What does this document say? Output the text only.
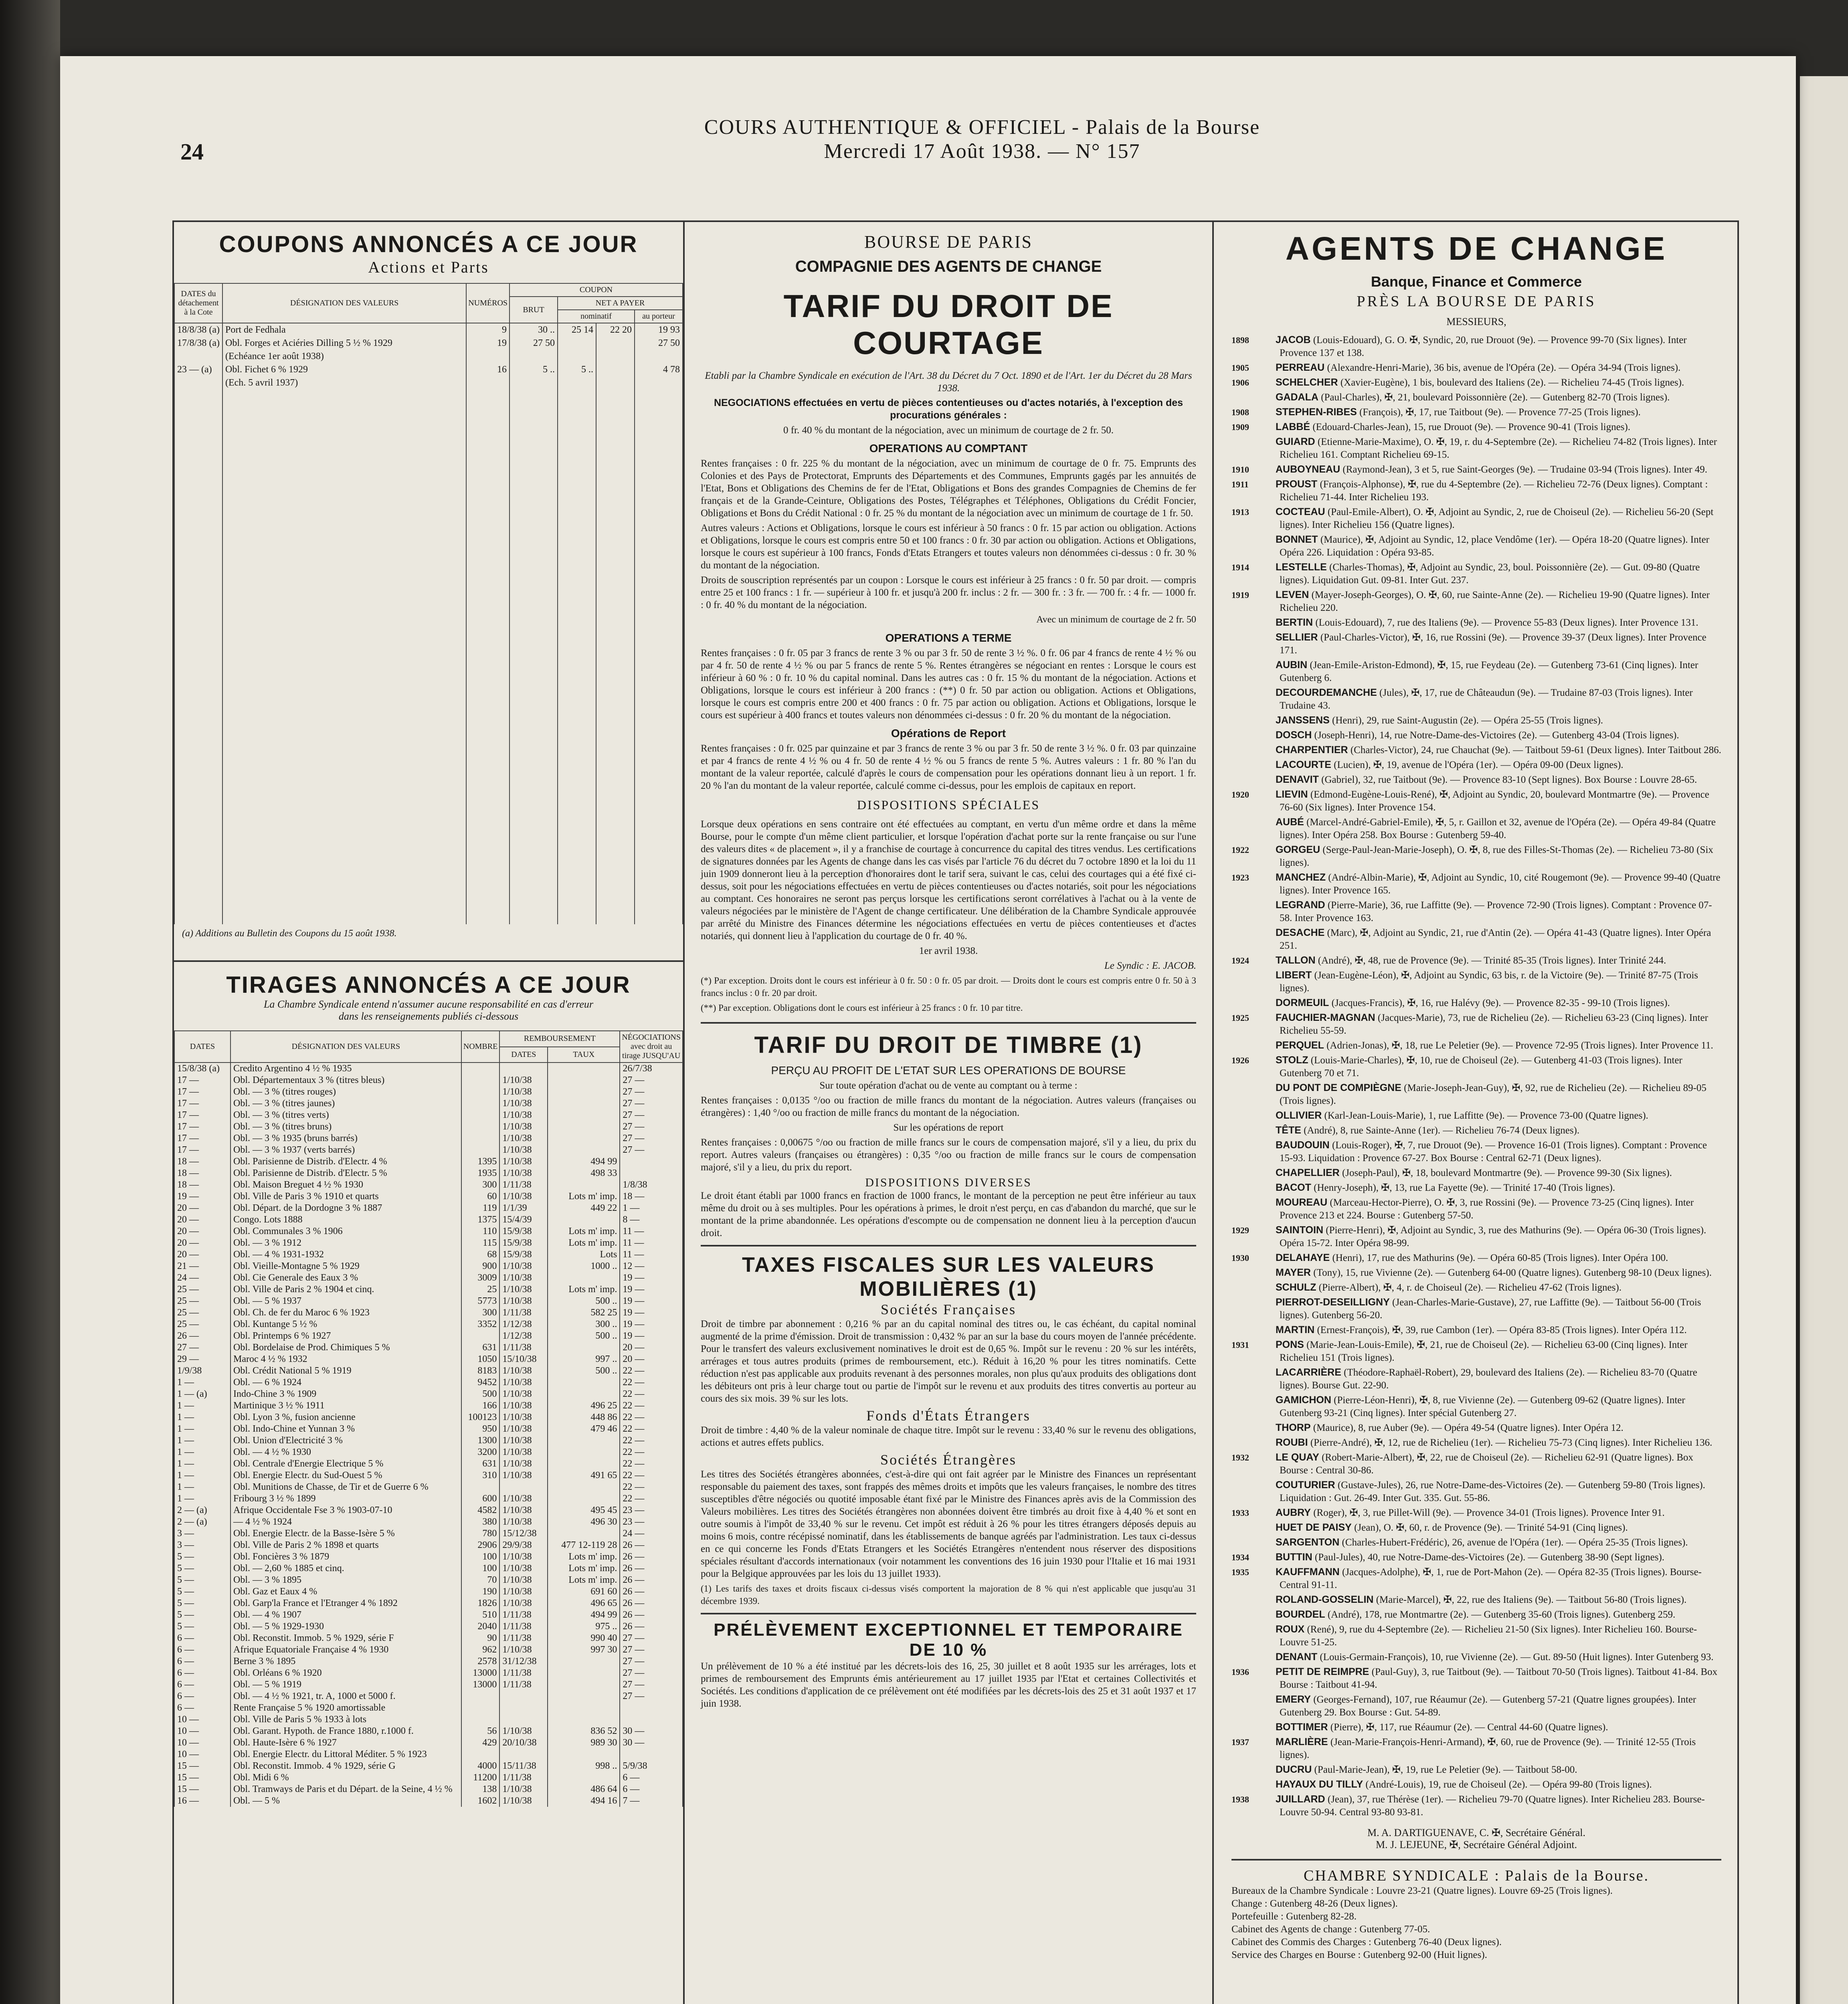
24
COURS AUTHENTIQUE & OFFICIEL - Palais de la Bourse
Mercredi 17 Août 1938. — N° 157
COUPONS ANNONCÉS A CE JOUR
Actions et Parts
DATES du détachement à la Cote	DÉSIGNATION DES VALEURS	NUMÉROS	COUPON			
			BRUT	NET A PAYER		
				nominatif		au porteur
18/8/38 (a)	Port de Fedhala	9	30 ..	25 14	22 20	19 93
17/8/38 (a)	Obl. Forges et Aciéries Dilling 5 ½ % 1929	19	27 50			27 50
	(Echéance 1er août 1938)					
23 — (a)	Obl. Fichet 6 % 1929	16	5 ..	5 ..		4 78
	(Ech. 5 avril 1937)					

(a) Additions au Bulletin des Coupons du 15 août 1938.
TIRAGES ANNONCÉS A CE JOUR
La Chambre Syndicale entend n'assumer aucune responsabilité en cas d'erreur
dans les renseignements publiés ci-dessous
DATES	DÉSIGNATION DES VALEURS	NOMBRE	REMBOURSEMENT		NÉGOCIATIONS avec droit au tirage JUSQU'AU
			DATES	TAUX	
15/8/38 (a)	Credito Argentino 4 ½ % 1935				26/7/38
17 —	Obl. Départementaux 3 % (titres bleus)		1/10/38		27 —
17 —	Obl. — 3 % (titres rouges)		1/10/38		27 —
17 —	Obl. — 3 % (titres jaunes)		1/10/38		27 —
17 —	Obl. — 3 % (titres verts)		1/10/38		27 —
17 —	Obl. — 3 % (titres bruns)		1/10/38		27 —
17 —	Obl. — 3 % 1935 (bruns barrés)		1/10/38		27 —
17 —	Obl. — 3 % 1937 (verts barrés)		1/10/38		27 —
18 —	Obl. Parisienne de Distrib. d'Electr. 4 %	1395	1/10/38	494 99	
18 —	Obl. Parisienne de Distrib. d'Electr. 5 %	1935	1/10/38	498 33	
18 —	Obl. Maison Breguet 4 ½ % 1930	300	1/11/38		1/8/38
19 —	Obl. Ville de Paris 3 % 1910 et quarts	60	1/10/38	Lots m' imp.	18 —
20 —	Obl. Départ. de la Dordogne 3 % 1887	119	1/1/39	449 22	1 —
20 —	Congo. Lots 1888	1375	15/4/39		8 —
20 —	Obl. Communales 3 % 1906	110	15/9/38	Lots m' imp.	11 —
20 —	Obl. — 3 % 1912	115	15/9/38	Lots m' imp.	11 —
20 —	Obl. — 4 % 1931-1932	68	15/9/38	Lots	11 —
21 —	Obl. Vieille-Montagne 5 % 1929	900	1/10/38	1000 ..	12 —
24 —	Obl. Cie Generale des Eaux 3 %	3009	1/10/38		19 —
25 —	Obl. Ville de Paris 2 % 1904 et cinq.	25	1/10/38	Lots m' imp.	19 —
25 —	Obl. — 5 % 1937	5773	1/10/38	500 ..	19 —
25 —	Obl. Ch. de fer du Maroc 6 % 1923	300	1/11/38	582 25	19 —
25 —	Obl. Kuntange 5 ½ %	3352	1/12/38	300 ..	19 —
26 —	Obl. Printemps 6 % 1927		1/12/38	500 ..	19 —
27 —	Obl. Bordelaise de Prod. Chimiques 5 %	631	1/11/38		20 —
29 —	Maroc 4 ½ % 1932	1050	15/10/38	997 ..	20 —
1/9/38	Obl. Crédit National 5 % 1919	8183	1/10/38	500 ..	22 —
1 —	Obl. — 6 % 1924	9452	1/10/38		22 —
1 — (a)	Indo-Chine 3 % 1909	500	1/10/38		22 —
1 —	Martinique 3 ½ % 1911	166	1/10/38	496 25	22 —
1 —	Obl. Lyon 3 %, fusion ancienne	100123	1/10/38	448 86	22 —
1 —	Obl. Indo-Chine et Yunnan 3 %	950	1/10/38	479 46	22 —
1 —	Obl. Union d'Electricité 3 %	1300	1/10/38		22 —
1 —	Obl. — 4 ½ % 1930	3200	1/10/38		22 —
1 —	Obl. Centrale d'Energie Electrique 5 %	631	1/10/38		22 —
1 —	Obl. Energie Electr. du Sud-Ouest 5 %	310	1/10/38	491 65	22 —
1 —	Obl. Munitions de Chasse, de Tir et de Guerre 6 %				22 —
1 —	Fribourg 3 ½ % 1899	600	1/10/38		22 —
2 — (a)	Afrique Occidentale Fse 3 % 1903-07-10	4582	1/10/38	495 45	23 —
2 — (a)	— 4 ½ % 1924	380	1/10/38	496 30	23 —
3 —	Obl. Energie Electr. de la Basse-Isère 5 %	780	15/12/38		24 —
3 —	Obl. Ville de Paris 2 % 1898 et quarts	2906	29/9/38	477 12-119 28	26 —
5 —	Obl. Foncières 3 % 1879	100	1/10/38	Lots m' imp.	26 —
5 —	Obl. — 2,60 % 1885 et cinq.	100	1/10/38	Lots m' imp.	26 —
5 —	Obl. — 3 % 1895	70	1/10/38	Lots m' imp.	26 —
5 —	Obl. Gaz et Eaux 4 %	190	1/10/38	691 60	26 —
5 —	Obl. Garp'la France et l'Etranger 4 % 1892	1826	1/10/38	496 65	26 —
5 —	Obl. — 4 % 1907	510	1/11/38	494 99	26 —
5 —	Obl. — 5 % 1929-1930	2040	1/11/38	975 ..	26 —
6 —	Obl. Reconstit. Immob. 5 % 1929, série F	90	1/11/38	990 40	27 —
6 —	Afrique Equatoriale Française 4 % 1930	962	1/10/38	997 30	27 —
6 —	Berne 3 % 1895	2578	31/12/38		27 —
6 —	Obl. Orléans 6 % 1920	13000	1/11/38		27 —
6 —	Obl. — 5 % 1919	13000	1/11/38		27 —
6 —	Obl. — 4 ½ % 1921, tr. A, 1000 et 5000 f.				27 —
6 —	Rente Française 5 % 1920 amortissable				
10 —	Obl. Ville de Paris 5 % 1933 à lots				
10 —	Obl. Garant. Hypoth. de France 1880, r.1000 f.	56	1/10/38	836 52	30 —
10 —	Obl. Haute-Isère 6 % 1927	429	20/10/38	989 30	30 —
10 —	Obl. Energie Electr. du Littoral Méditer. 5 % 1923				
15 —	Obl. Reconstit. Immob. 4 % 1929, série G	4000	15/11/38	998 ..	5/9/38
15 —	Obl. Midi 6 %	11200	1/11/38		6 —
15 —	Obl. Tramways de Paris et du Départ. de la Seine, 4 ½ %	138	1/10/38	486 64	6 —
16 —	Obl. — 5 %	1602	1/10/38	494 16	7 —
BOURSE DE PARIS
COMPAGNIE DES AGENTS DE CHANGE
TARIF DU DROIT DE COURTAGE

Etabli par la Chambre Syndicale en exécution de l'Art. 38 du Décret du 7 Oct. 1890 et de l'Art. 1er du Décret du 28 Mars 1938.

NEGOCIATIONS effectuées en vertu de pièces contentieuses ou d'actes notariés, à l'exception des procurations générales :

0 fr. 40 % du montant de la négociation, avec un minimum de courtage de 2 fr. 50.

OPERATIONS AU COMPTANT

Rentes françaises : 0 fr. 225 % du montant de la négociation, avec un minimum de courtage de 0 fr. 75. Emprunts des Colonies et des Pays de Protectorat, Emprunts des Départements et des Communes, Emprunts gagés par les annuités de l'Etat, Bons et Obligations des Chemins de fer de l'Etat, Obligations et Bons des grandes Compagnies de Chemins de fer français et de la Grande-Ceinture, Obligations des Postes, Télégraphes et Téléphones, Obligations du Crédit Foncier, Obligations et Bons du Crédit National : 0 fr. 25 % du montant de la négociation avec un minimum de courtage de 1 fr. 50.

Autres valeurs : Actions et Obligations, lorsque le cours est inférieur à 50 francs : 0 fr. 15 par action ou obligation. Actions et Obligations, lorsque le cours est compris entre 50 et 100 francs : 0 fr. 30 par action ou obligation. Actions et Obligations, lorsque le cours est supérieur à 100 francs, Fonds d'Etats Etrangers et toutes valeurs non dénommées ci-dessus : 0 fr. 30 % du montant de la négociation.

Droits de souscription représentés par un coupon : Lorsque le cours est inférieur à 25 francs : 0 fr. 50 par droit. — compris entre 25 et 100 francs : 1 fr. — supérieur à 100 fr. et jusqu'à 200 fr. inclus : 2 fr. — 300 fr. : 3 fr. — 700 fr. : 4 fr. — 1000 fr. : 0 fr. 40 % du montant de la négociation.

Avec un minimum de courtage de 2 fr. 50

OPERATIONS A TERME

Rentes françaises : 0 fr. 05 par 3 francs de rente 3 % ou par 3 fr. 50 de rente 3 ½ %. 0 fr. 06 par 4 francs de rente 4 ½ % ou par 4 fr. 50 de rente 4 ½ % ou par 5 francs de rente 5 %. Rentes étrangères se négociant en rentes : Lorsque le cours est inférieur à 60 % : 0 fr. 10 % du capital nominal. Dans les autres cas : 0 fr. 15 % du montant de la négociation. Actions et Obligations, lorsque le cours est inférieur à 200 francs : (**) 0 fr. 50 par action ou obligation. Actions et Obligations, lorsque le cours est compris entre 200 et 400 francs : 0 fr. 75 par action ou obligation. Actions et Obligations, lorsque le cours est supérieur à 400 francs et toutes valeurs non dénommées ci-dessus : 0 fr. 20 % du montant de la négociation.

Opérations de Report

Rentes françaises : 0 fr. 025 par quinzaine et par 3 francs de rente 3 % ou par 3 fr. 50 de rente 3 ½ %. 0 fr. 03 par quinzaine et par 4 francs de rente 4 ½ % ou 4 fr. 50 de rente 4 ½ % ou 5 francs de rente 5 %. Autres valeurs : 1 fr. 80 % l'an du montant de la valeur reportée, calculé d'après le cours de compensation pour les opérations donnant lieu à un report. 1 fr. 20 % l'an du montant de la valeur reportée, calculé comme ci-dessus, pour les emplois de capitaux en report.

DISPOSITIONS SPÉCIALES

Lorsque deux opérations en sens contraire ont été effectuées au comptant, en vertu d'un même ordre et dans la même Bourse, pour le compte d'un même client particulier, et lorsque l'opération d'achat porte sur la rente française ou sur l'une des valeurs dites « de placement », il y a franchise de courtage à concurrence du capital des titres vendus. Les certifications de signatures données par les Agents de change dans les cas visés par l'article 76 du décret du 7 octobre 1890 et la loi du 11 juin 1909 donneront lieu à la perception d'honoraires dont le tarif sera, suivant le cas, celui des courtages qui a été fixé ci-dessus, soit pour les négociations effectuées en vertu de pièces contentieuses ou d'actes notariés, soit pour les négociations au comptant. Ces honoraires ne seront pas perçus lorsque les certifications seront corrélatives à l'achat ou à la vente de valeurs négociées par le ministère de l'Agent de change certificateur. Une délibération de la Chambre Syndicale approuvée par arrêté du Ministre des Finances détermine les négociations effectuées en vertu de pièces contentieuses et d'actes notariés, qui donnent lieu à l'application du courtage de 0 fr. 40 %.

1er avril 1938.

Le Syndic : E. JACOB.

(*) Par exception. Droits dont le cours est inférieur à 0 fr. 50 : 0 fr. 05 par droit. — Droits dont le cours est compris entre 0 fr. 50 à 3 francs inclus : 0 fr. 20 par droit.

(**) Par exception. Obligations dont le cours est inférieur à 25 francs : 0 fr. 10 par titre.

TARIF DU DROIT DE TIMBRE (1)
PERÇU AU PROFIT DE L'ETAT SUR LES OPERATIONS DE BOURSE

Sur toute opération d'achat ou de vente au comptant ou à terme :

Rentes françaises : 0,0135 °/oo ou fraction de mille francs du montant de la négociation. Autres valeurs (françaises ou étrangères) : 1,40 °/oo ou fraction de mille francs du montant de la négociation.

Sur les opérations de report

Rentes françaises : 0,00675 °/oo ou fraction de mille francs sur le cours de compensation majoré, s'il y a lieu, du prix du report. Autres valeurs (françaises ou étrangères) : 0,35 °/oo ou fraction de mille francs sur le cours de compensation majoré, s'il y a lieu, du prix du report.

DISPOSITIONS DIVERSES

Le droit étant établi par 1000 francs en fraction de 1000 francs, le montant de la perception ne peut être inférieur au taux même du droit ou à ses multiples. Pour les opérations à primes, le droit n'est perçu, en cas d'abandon du marché, que sur le montant de la prime abandonnée. Les opérations d'escompte ou de compensation ne donnent lieu à la perception d'aucun droit.

TAXES FISCALES SUR LES VALEURS MOBILIÈRES (1)
Sociétés Françaises

Droit de timbre par abonnement : 0,216 % par an du capital nominal des titres ou, le cas échéant, du capital nominal augmenté de la prime d'émission. Droit de transmission : 0,432 % par an sur la base du cours moyen de l'année précédente. Pour le transfert des valeurs exclusivement nominatives le droit est de 0,65 %. Impôt sur le revenu : 20 % sur les intérêts, arrérages et tous autres produits (primes de remboursement, etc.). Réduit à 16,20 % pour les titres nominatifs. Cette réduction n'est pas applicable aux produits revenant à des personnes morales, non plus qu'aux produits des obligations dont les débiteurs ont pris à leur charge tout ou partie de l'impôt sur le revenu et aux produits des titres convertis au porteur au cours des six mois. 39 % sur les lots.

Fonds d'États Étrangers

Droit de timbre : 4,40 % de la valeur nominale de chaque titre. Impôt sur le revenu : 33,40 % sur le revenu des obligations, actions et autres effets publics.

Sociétés Étrangères

Les titres des Sociétés étrangères abonnées, c'est-à-dire qui ont fait agréer par le Ministre des Finances un représentant responsable du paiement des taxes, sont frappés des mêmes droits et impôts que les valeurs françaises, le nombre des titres susceptibles d'être négociés ou quotité imposable étant fixé par le Ministre des Finances après avis de la Commission des Valeurs mobilières. Les titres des Sociétés étrangères non abonnées doivent être timbrés au droit fixe à 4,40 % et sont en outre soumis à l'impôt de 33,40 % sur le revenu. Cet impôt est réduit à 26 % pour les titres étrangers déposés depuis au moins 6 mois, contre récépissé nominatif, dans les établissements de banque agréés par l'administration. Les taux ci-dessus en ce qui concerne les Fonds d'Etats Etrangers et les Sociétés Etrangères n'entendent nous réserver des dispositions spéciales résultant d'accords internationaux (voir notamment les conventions des 16 juin 1930 pour l'Italie et 16 mai 1931 pour la Belgique approuvées par les lois du 13 juillet 1933).

(1) Les tarifs des taxes et droits fiscaux ci-dessus visés comportent la majoration de 8 % qui n'est applicable que jusqu'au 31 décembre 1939.

PRÉLÈVEMENT EXCEPTIONNEL ET TEMPORAIRE DE 10 %

Un prélèvement de 10 % a été institué par les décrets-lois des 16, 25, 30 juillet et 8 août 1935 sur les arrérages, lots et primes de remboursement des Emprunts émis antérieurement au 17 juillet 1935 par l'Etat et certaines Collectivités et Sociétés. Les conditions d'application de ce prélèvement ont été modifiées par les décrets-lois des 25 et 31 août 1937 et 17 juin 1938.

AGENTS DE CHANGE
Banque, Finance et Commerce
PRÈS LA BOURSE DE PARIS
MESSIEURS,

1898	JACOB (Louis-Edouard), G. O. ✠, Syndic, 20, rue Drouot (9e). — Provence 99-70 (Six lignes). Inter Provence 137 et 138.

1905	PERREAU (Alexandre-Henri-Marie), 36 bis, avenue de l'Opéra (2e). — Opéra 34-94 (Trois lignes).

1906	SCHELCHER (Xavier-Eugène), 1 bis, boulevard des Italiens (2e). — Richelieu 74-45 (Trois lignes).

GADALA (Paul-Charles), ✠, 21, boulevard Poissonnière (2e). — Gutenberg 82-70 (Trois lignes).

1908	STEPHEN-RIBES (François), ✠, 17, rue Taitbout (9e). — Provence 77-25 (Trois lignes).

1909	LABBÉ (Edouard-Charles-Jean), 15, rue Drouot (9e). — Provence 90-41 (Trois lignes).

GUIARD (Etienne-Marie-Maxime), O. ✠, 19, r. du 4-Septembre (2e). — Richelieu 74-82 (Trois lignes). Inter Richelieu 161. Comptant Richelieu 69-15.

1910	AUBOYNEAU (Raymond-Jean), 3 et 5, rue Saint-Georges (9e). — Trudaine 03-94 (Trois lignes). Inter 49.

1911	PROUST (François-Alphonse), ✠, rue du 4-Septembre (2e). — Richelieu 72-76 (Deux lignes). Comptant : Richelieu 71-44. Inter Richelieu 193.

1913	COCTEAU (Paul-Emile-Albert), O. ✠, Adjoint au Syndic, 2, rue de Choiseul (2e). — Richelieu 56-20 (Sept lignes). Inter Richelieu 156 (Quatre lignes).

BONNET (Maurice), ✠, Adjoint au Syndic, 12, place Vendôme (1er). — Opéra 18-20 (Quatre lignes). Inter Opéra 226. Liquidation : Opéra 93-85.

1914	LESTELLE (Charles-Thomas), ✠, Adjoint au Syndic, 23, boul. Poissonnière (2e). — Gut. 09-80 (Quatre lignes). Liquidation Gut. 09-81. Inter Gut. 237.

1919	LEVEN (Mayer-Joseph-Georges), O. ✠, 60, rue Sainte-Anne (2e). — Richelieu 19-90 (Quatre lignes). Inter Richelieu 220.

BERTIN (Louis-Edouard), 7, rue des Italiens (9e). — Provence 55-83 (Deux lignes). Inter Provence 131.

SELLIER (Paul-Charles-Victor), ✠, 16, rue Rossini (9e). — Provence 39-37 (Deux lignes). Inter Provence 171.

AUBIN (Jean-Emile-Ariston-Edmond), ✠, 15, rue Feydeau (2e). — Gutenberg 73-61 (Cinq lignes). Inter Gutenberg 6.

DECOURDEMANCHE (Jules), ✠, 17, rue de Châteaudun (9e). — Trudaine 87-03 (Trois lignes). Inter Trudaine 43.

JANSSENS (Henri), 29, rue Saint-Augustin (2e). — Opéra 25-55 (Trois lignes).

DOSCH (Joseph-Henri), 14, rue Notre-Dame-des-Victoires (2e). — Gutenberg 43-04 (Trois lignes).

CHARPENTIER (Charles-Victor), 24, rue Chauchat (9e). — Taitbout 59-61 (Deux lignes). Inter Taitbout 286.

LACOURTE (Lucien), ✠, 19, avenue de l'Opéra (1er). — Opéra 09-00 (Deux lignes).

DENAVIT (Gabriel), 32, rue Taitbout (9e). — Provence 83-10 (Sept lignes). Box Bourse : Louvre 28-65.

1920	LIEVIN (Edmond-Eugène-Louis-René), ✠, Adjoint au Syndic, 20, boulevard Montmartre (9e). — Provence 76-60 (Six lignes). Inter Provence 154.

AUBÉ (Marcel-André-Gabriel-Emile), ✠, 5, r. Gaillon et 32, avenue de l'Opéra (2e). — Opéra 49-84 (Quatre lignes). Inter Opéra 258. Box Bourse : Gutenberg 59-40.

1922	GORGEU (Serge-Paul-Jean-Marie-Joseph), O. ✠, 8, rue des Filles-St-Thomas (2e). — Richelieu 73-80 (Six lignes).

1923	MANCHEZ (André-Albin-Marie), ✠, Adjoint au Syndic, 10, cité Rougemont (9e). — Provence 99-40 (Quatre lignes). Inter Provence 165.

LEGRAND (Pierre-Marie), 36, rue Laffitte (9e). — Provence 72-90 (Trois lignes). Comptant : Provence 07-58. Inter Provence 163.

DESACHE (Marc), ✠, Adjoint au Syndic, 21, rue d'Antin (2e). — Opéra 41-43 (Quatre lignes). Inter Opéra 251.

1924	TALLON (André), ✠, 48, rue de Provence (9e). — Trinité 85-35 (Trois lignes). Inter Trinité 244.

LIBERT (Jean-Eugène-Léon), ✠, Adjoint au Syndic, 63 bis, r. de la Victoire (9e). — Trinité 87-75 (Trois lignes).

DORMEUIL (Jacques-Francis), ✠, 16, rue Halévy (9e). — Provence 82-35 - 99-10 (Trois lignes).

1925	FAUCHIER-MAGNAN (Jacques-Marie), 73, rue de Richelieu (2e). — Richelieu 63-23 (Cinq lignes). Inter Richelieu 55-59.

PERQUEL (Adrien-Jonas), ✠, 18, rue Le Peletier (9e). — Provence 72-95 (Trois lignes). Inter Provence 11.

1926	STOLZ (Louis-Marie-Charles), ✠, 10, rue de Choiseul (2e). — Gutenberg 41-03 (Trois lignes). Inter Gutenberg 70 et 71.

DU PONT DE COMPIÈGNE (Marie-Joseph-Jean-Guy), ✠, 92, rue de Richelieu (2e). — Richelieu 89-05 (Trois lignes).

OLLIVIER (Karl-Jean-Louis-Marie), 1, rue Laffitte (9e). — Provence 73-00 (Quatre lignes).

TÊTE (André), 8, rue Sainte-Anne (1er). — Richelieu 76-74 (Deux lignes).

BAUDOUIN (Louis-Roger), ✠, 7, rue Drouot (9e). — Provence 16-01 (Trois lignes). Comptant : Provence 15-93. Liquidation : Provence 67-27. Box Bourse : Central 62-71 (Deux lignes).

CHAPELLIER (Joseph-Paul), ✠, 18, boulevard Montmartre (9e). — Provence 99-30 (Six lignes).

BACOT (Henry-Joseph), ✠, 13, rue La Fayette (9e). — Trinité 17-40 (Trois lignes).

MOUREAU (Marceau-Hector-Pierre), O. ✠, 3, rue Rossini (9e). — Provence 73-25 (Cinq lignes). Inter Provence 213 et 224. Bourse : Gutenberg 57-50.

1929	SAINTOIN (Pierre-Henri), ✠, Adjoint au Syndic, 3, rue des Mathurins (9e). — Opéra 06-30 (Trois lignes). Opéra 15-72. Inter Opéra 98-99.

1930	DELAHAYE (Henri), 17, rue des Mathurins (9e). — Opéra 60-85 (Trois lignes). Inter Opéra 100.

MAYER (Tony), 15, rue Vivienne (2e). — Gutenberg 64-00 (Quatre lignes). Gutenberg 98-10 (Deux lignes).

SCHULZ (Pierre-Albert), ✠, 4, r. de Choiseul (2e). — Richelieu 47-62 (Trois lignes).

PIERROT-DESEILLIGNY (Jean-Charles-Marie-Gustave), 27, rue Laffitte (9e). — Taitbout 56-00 (Trois lignes). Gutenberg 56-20.

MARTIN (Ernest-François), ✠, 39, rue Cambon (1er). — Opéra 83-85 (Trois lignes). Inter Opéra 112.

1931	PONS (Marie-Jean-Louis-Emile), ✠, 21, rue de Choiseul (2e). — Richelieu 63-00 (Cinq lignes). Inter Richelieu 151 (Trois lignes).

LACARRIÈRE (Théodore-Raphaël-Robert), 29, boulevard des Italiens (2e). — Richelieu 83-70 (Quatre lignes). Bourse Gut. 22-90.

GAMICHON (Pierre-Léon-Henri), ✠, 8, rue Vivienne (2e). — Gutenberg 09-62 (Quatre lignes). Inter Gutenberg 93-21 (Cinq lignes). Inter spécial Gutenberg 27.

THORP (Maurice), 8, rue Auber (9e). — Opéra 49-54 (Quatre lignes). Inter Opéra 12.

ROUBI (Pierre-André), ✠, 12, rue de Richelieu (1er). — Richelieu 75-73 (Cinq lignes). Inter Richelieu 136.

1932	LE QUAY (Robert-Marie-Albert), ✠, 22, rue de Choiseul (2e). — Richelieu 62-91 (Quatre lignes). Box Bourse : Central 30-86.

COUTURIER (Gustave-Jules), 26, rue Notre-Dame-des-Victoires (2e). — Gutenberg 59-80 (Trois lignes). Liquidation : Gut. 26-49. Inter Gut. 335. Gut. 55-86.

1933	AUBRY (Roger), ✠, 3, rue Pillet-Will (9e). — Provence 34-01 (Trois lignes). Provence Inter 91.

HUET DE PAISY (Jean), O. ✠, 60, r. de Provence (9e). — Trinité 54-91 (Cinq lignes).

SARGENTON (Charles-Hubert-Frédéric), 26, avenue de l'Opéra (1er). — Opéra 25-35 (Trois lignes).

1934	BUTTIN (Paul-Jules), 40, rue Notre-Dame-des-Victoires (2e). — Gutenberg 38-90 (Sept lignes).

1935	KAUFFMANN (Jacques-Adolphe), ✠, 1, rue de Port-Mahon (2e). — Opéra 82-35 (Trois lignes). Bourse-Central 91-11.

ROLAND-GOSSELIN (Marie-Marcel), ✠, 22, rue des Italiens (9e). — Taitbout 56-80 (Trois lignes).

BOURDEL (André), 178, rue Montmartre (2e). — Gutenberg 35-60 (Trois lignes). Gutenberg 259.

ROUX (René), 9, rue du 4-Septembre (2e). — Richelieu 21-50 (Six lignes). Inter Richelieu 160. Bourse-Louvre 51-25.

DENANT (Louis-Germain-François), 10, rue Vivienne (2e). — Gut. 89-50 (Huit lignes). Inter Gutenberg 93.

1936	PETIT DE REIMPRE (Paul-Guy), 3, rue Taitbout (9e). — Taitbout 70-50 (Trois lignes). Taitbout 41-84. Box Bourse : Taitbout 41-94.

EMERY (Georges-Fernand), 107, rue Réaumur (2e). — Gutenberg 57-21 (Quatre lignes groupées). Inter Gutenberg 29. Box Bourse : Gut. 54-89.

BOTTIMER (Pierre), ✠, 117, rue Réaumur (2e). — Central 44-60 (Quatre lignes).

1937	MARLIÈRE (Jean-Marie-François-Henri-Armand), ✠, 60, rue de Provence (9e). — Trinité 12-55 (Trois lignes).

DUCRU (Paul-Marie-Jean), ✠, 19, rue Le Peletier (9e). — Taitbout 58-00.

HAYAUX DU TILLY (André-Louis), 19, rue de Choiseul (2e). — Opéra 99-80 (Trois lignes).

1938	JUILLARD (Jean), 37, rue Thérèse (1er). — Richelieu 79-70 (Quatre lignes). Inter Richelieu 283. Bourse-Louvre 50-94. Central 93-80 93-81.

M. A. DARTIGUENAVE, C. ✠, Secrétaire Général.
M. J. LEJEUNE, ✠, Secrétaire Général Adjoint.
CHAMBRE SYNDICALE : Palais de la Bourse.
Bureaux de la Chambre Syndicale : Louvre 23-21 (Quatre lignes). Louvre 69-25 (Trois lignes).
Change : Gutenberg 48-26 (Deux lignes).
Portefeuille : Gutenberg 82-28.
Cabinet des Agents de change : Gutenberg 77-05.
Cabinet des Commis des Charges : Gutenberg 76-40 (Deux lignes).
Service des Charges en Bourse : Gutenberg 92-00 (Huit lignes).
